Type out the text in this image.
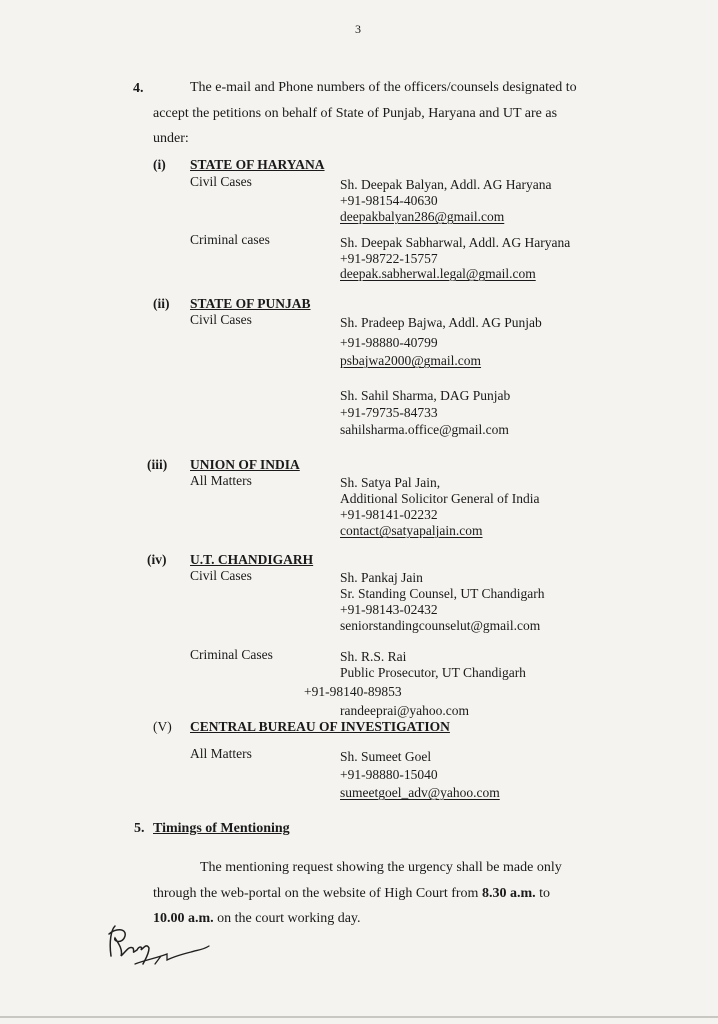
3
4.	The e-mail and Phone numbers of the officers/counsels designated to
accept the petitions on behalf of State of Punjab, Haryana and UT are as
under:
(i) STATE OF HARYANA
Civil Cases	Sh. Deepak Balyan, Addl. AG Haryana
+91-98154-40630
deepakbalyan286@gmail.com
Criminal cases	Sh. Deepak Sabharwal, Addl. AG Haryana
+91-98722-15757
deepak.sabherwal.legal@gmail.com
(ii) STATE OF PUNJAB
Civil Cases	Sh. Pradeep Bajwa, Addl. AG Punjab
+91-98880-40799
psbajwa2000@gmail.com
Sh. Sahil Sharma, DAG Punjab
+91-79735-84733
sahilsharma.office@gmail.com
(iii) UNION OF INDIA
All Matters	Sh. Satya Pal Jain,
Additional Solicitor General of India
+91-98141-02232
contact@satyapaljain.com
(iv) U.T. CHANDIGARH
Civil Cases	Sh. Pankaj Jain
Sr. Standing Counsel, UT Chandigarh
+91-98143-02432
seniorstandingcounselut@gmail.com
Criminal Cases	Sh. R.S. Rai
Public Prosecutor, UT Chandigarh
+91-98140-89853
randeeprai@yahoo.com
(V) CENTRAL BUREAU OF INVESTIGATION
All Matters	Sh. Sumeet Goel
+91-98880-15040
sumeetgoel_adv@yahoo.com
5. Timings of Mentioning
The mentioning request showing the urgency shall be made only
through the web-portal on the website of High Court from 8.30 a.m. to
10.00 a.m. on the court working day.
